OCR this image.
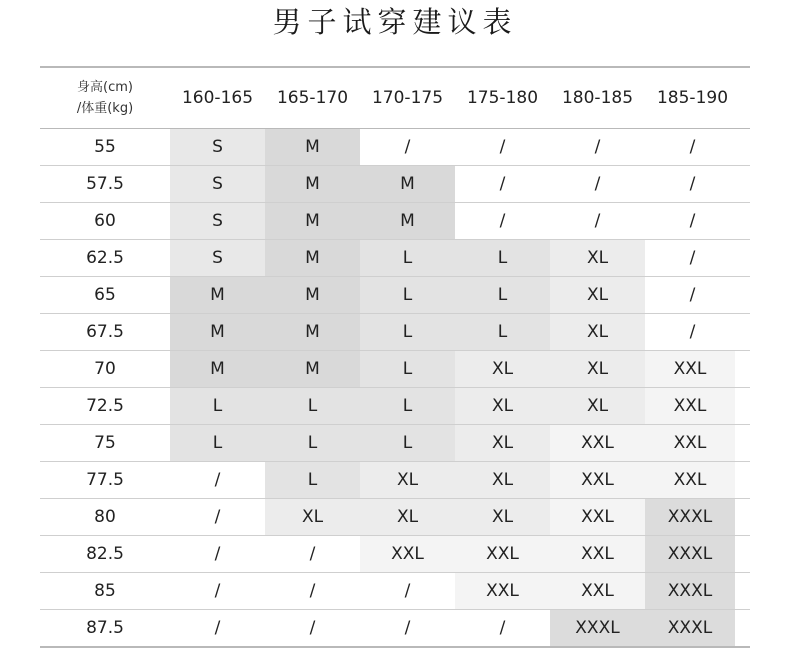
男子试穿建议表
身高(cm)
/体重(kg)
160-165	165-170	170-175	175-180	180-185	185-190
55	S	M	/	/	/	/
57.5	S	M	M	/	/	/
60	S	M	M	/	/	/
62.5	S	M	L	L	XL	/
65	M	M	L	L	XL	/
67.5	M	M	L	L	XL	/
70	M	M	L	XL	XL	XXL
72.5	L	L	L	XL	XL	XXL
75	L	L	L	XL	XXL	XXL
77.5	/	L	XL	XL	XXL	XXL
80	/	XL	XL	XL	XXL	XXXL
82.5	/	/	XXL	XXL	XXL	XXXL
85	/	/	/	XXL	XXL	XXXL
87.5	/	/	/	/	XXXL	XXXL
